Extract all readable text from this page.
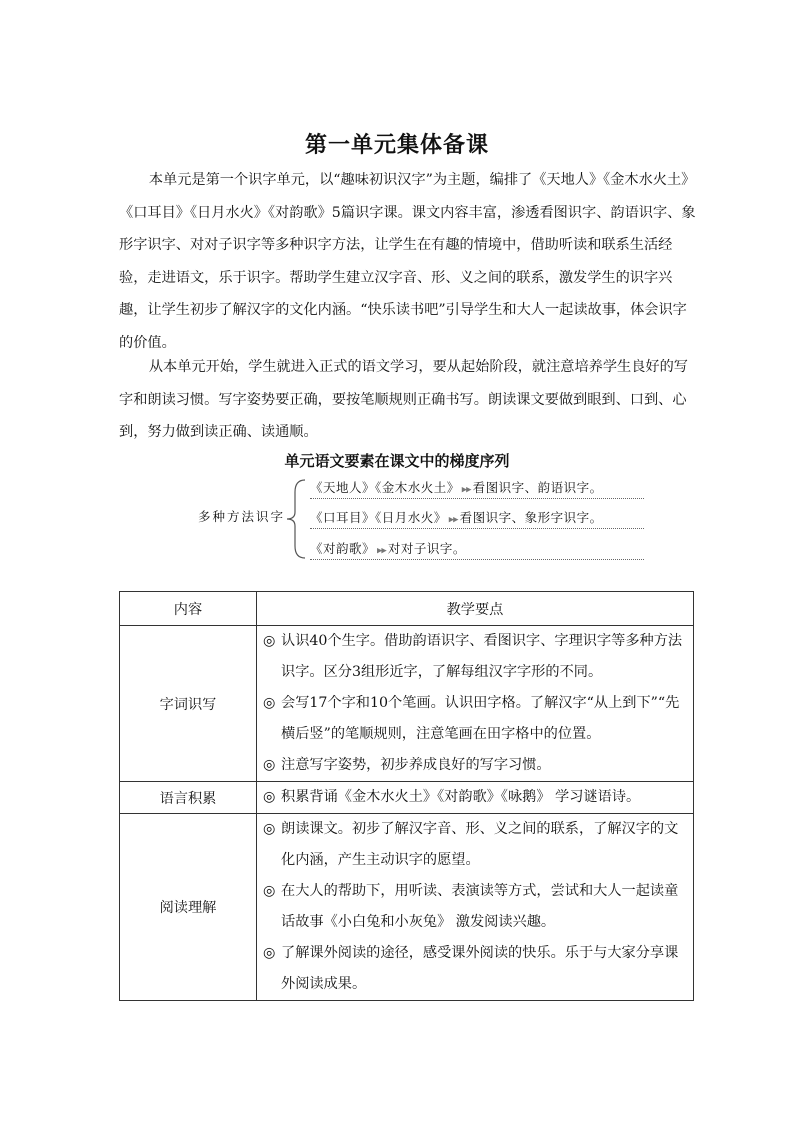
第一单元集体备课

本单元是第一个识字单元，以“趣味初识汉字”为主题，编排了《天地人》《金木水火土》《口耳目》《日月水火》《对韵歌》5篇识字课。课文内容丰富，渗透看图识字、韵语识字、象形字识字、对对子识字等多种识字方法，让学生在有趣的情境中，借助听读和联系生活经验，走进语文，乐于识字。帮助学生建立汉字音、形、义之间的联系，激发学生的识字兴趣，让学生初步了解汉字的文化内涵。“快乐读书吧”引导学生和大人一起读故事，体会识字的价值。

从本单元开始，学生就进入正式的语文学习，要从起始阶段，就注意培养学生良好的写字和朗读习惯。写字姿势要正确，要按笔顺规则正确书写。朗读课文要做到眼到、口到、心到，努力做到读正确、读通顺。

单元语文要素在课文中的梯度序列
多种方法识字
《天地人》《金木水火土》 ▶▶ 看图识字、韵语识字。
《口耳目》《日月水火》 ▶▶ 看图识字、象形字识字。
《对韵歌》 ▶▶ 对对子识字。
内容	教学要点
字词识写	◎ 认识40个生字。借助韵语识字、看图识字、字理识字等多种方法识字。区分3组形近字，了解每组汉字字形的不同。

◎ 会写17个字和10个笔画。认识田字格。了解汉字“从上到下”“先横后竖”的笔顺规则，注意笔画在田字格中的位置。

◎ 注意写字姿势，初步养成良好的写字习惯。

语言积累	◎ 积累背诵《金木水火土》《对韵歌》《咏鹅》 学习谜语诗。

阅读理解	◎ 朗读课文。初步了解汉字音、形、义之间的联系，了解汉字的文化内涵，产生主动识字的愿望。

◎ 在大人的帮助下，用听读、表演读等方式，尝试和大人一起读童话故事《小白兔和小灰兔》 激发阅读兴趣。

◎ 了解课外阅读的途径，感受课外阅读的快乐。乐于与大家分享课外阅读成果。
